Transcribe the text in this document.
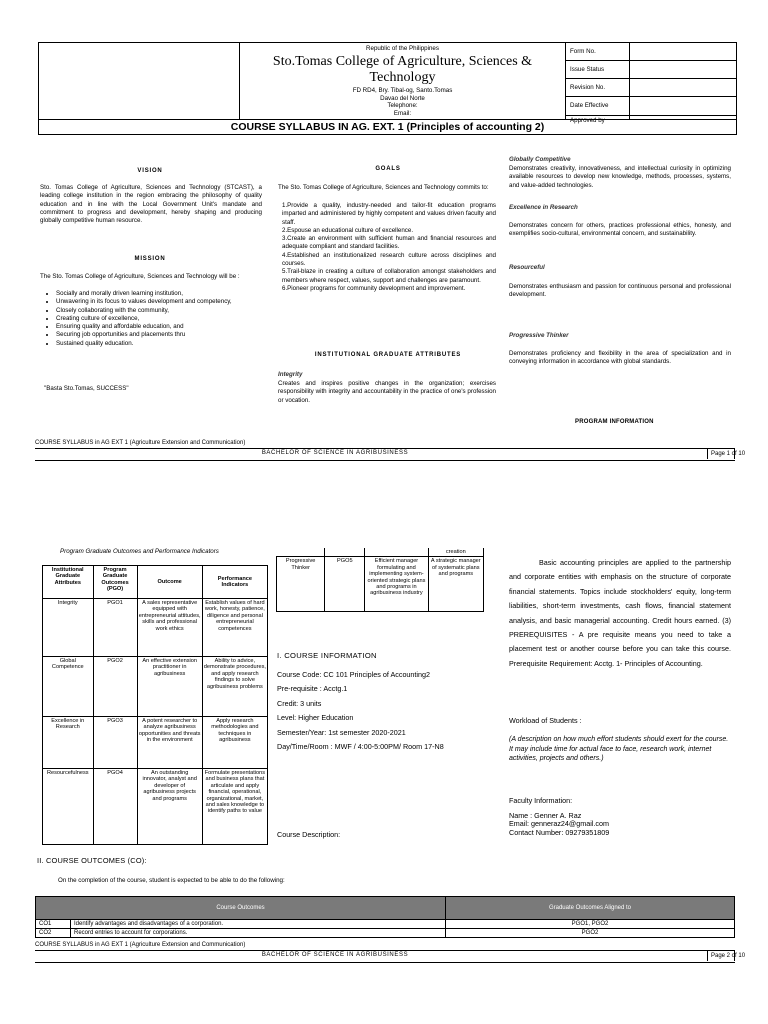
Republic of the Philippines
Sto.Tomas College of Agriculture, Sciences & Technology
FD RD4, Bry. Tibal-og, Santo.Tomas
Davao del Norte
Telephone:
Email:
Form No.
Issue Status
Revision No.
Date Effective
Approved by
COURSE SYLLABUS IN AG. EXT. 1 (Principles of accounting 2)
VISION
Sto. Tomas College of Agriculture, Sciences and Technology (STCAST), a leading college institution in the region embracing the philosophy of quality education and in line with the Local Government Unit's mandate and commitment to progress and development, hereby shaping and producing globally competitive human resource.
MISSION
The Sto. Tomas College of Agriculture, Sciences and Technology will be :
• Socially and morally driven learning institution,
• Unwavering in its focus to values development and competency,
• Closely collaborating with the community,
• Creating culture of excellence,
• Ensuring quality and affordable education, and
• Securing job opportunities and placements thru
• Sustained quality education.
"Basta Sto.Tomas, SUCCESS"
GOALS
The Sto. Tomas College of Agriculture, Sciences and Technology commits to:
1.Provide a quality, industry-needed and tailor-fit education programs imparted and administered by highly competent and values driven faculty and staff.
2.Espouse an educational culture of excellence.
3.Create an environment with sufficient human and financial resources and adequate compliant and standard facilities.
4.Established an institutionalized research culture across disciplines and courses.
5.Trail-blaze in creating a culture of collaboration amongst stakeholders and members where respect, values, support and challenges are paramount.
6.Pioneer programs for community development and improvement.
INSTITUTIONAL GRADUATE ATTRIBUTES
Integrity
Creates and inspires positive changes in the organization; exercises responsibility with integrity and accountability in the practice of one's profession or vocation.
Globally Competitive
Demonstrates creativity, innovativeness, and intellectual curiosity in optimizing available resources to develop new knowledge, methods, processes, systems, and value-added technologies.
Excellence in Research
Demonstrates concern for others, practices professional ethics, honesty, and exemplifies socio-cultural, environmental concern, and sustainability.
Resourceful
Demonstrates enthusiasm and passion for continuous personal and professional development.
Progressive Thinker
Demonstrates proficiency and flexibility in the area of specialization and in conveying information in accordance with global standards.
PROGRAM INFORMATION
COURSE SYLLABUS in AG EXT 1 (Agriculture Extension and Communication)
BACHELOR OF SCIENCE IN AGRIBUSINESS	Page 1 of 10
Program Graduate Outcomes and Performance Indicators
Institutional Graduate Attributes	Program Graduate Outcomes (PGO)	Outcome	Performance Indicators
Integrity	PGO1	A sales representative equipped with entrepreneurial attitudes, skills and professional work ethics	Establish values of hard work, honesty, patience, diligence and personal entrepreneurial competences
Global Competence	PGO2	An effective extension practitioner in agribusiness	Ability to advice, demonstrate procedures, and apply research findings to solve agribusiness problems
Excellence in Research	PGO3	A potent researcher to analyze agribusiness opportunities and threats in the environment	Apply research methodologies and techniques in agribusiness
Resourcefulness	PGO4	An outstanding innovator, analyst and developer of agribusiness projects and programs	Formulate presentations and business plans that articulate and apply financial, operational, organizational, market, and sales knowledge to identify paths to value
			creation
Progressive Thinker	PGO5	Efficient manager formulating and implementing system-oriented strategic plans and programs in agribusiness industry	A strategic manager of systematic plans and programs
I. COURSE INFORMATION
Course Code: CC 101 Principles of Accounting2
Pre-requisite : Acctg.1
Credit: 3 units
Level: Higher Education
Semester/Year: 1st semester 2020-2021
Day/Time/Room : MWF / 4:00-5:00PM/ Room 17-N8
Course Description:
Basic accounting principles are applied to the partnership and corporate entities with emphasis on the structure of corporate financial statements. Topics include stockholders' equity, long-term liabilities, short-term investments, cash flows, financial statement analysis, and basic managerial accounting. Credit hours earned. (3) PREREQUISITES - A pre requisite means you need to take a placement test or another course before you can take this course. Prerequisite Requirement: Acctg. 1- Principles of Accounting.
Workload of Students :
(A description on how much effort students should exert for the course. It may include time for actual face to face, research work, internet activities, projects and others.)
Faculty Information:
Name : Genner A. Raz
Email: genneraz24@gmail.com
Contact Number: 09279351809
II. COURSE OUTCOMES (CO):
On the completion of the course, student is expected to be able to do the following:
Course Outcomes		Graduate Outcomes Aligned to
CO1	Identify advantages and disadvantages of a corporation.	PGO1, PGO2
CO2	Record entries to account for corporations.	PGO2
COURSE SYLLABUS in AG EXT 1 (Agriculture Extension and Communication)
BACHELOR OF SCIENCE IN AGRIBUSINESS	Page 2 of 10
